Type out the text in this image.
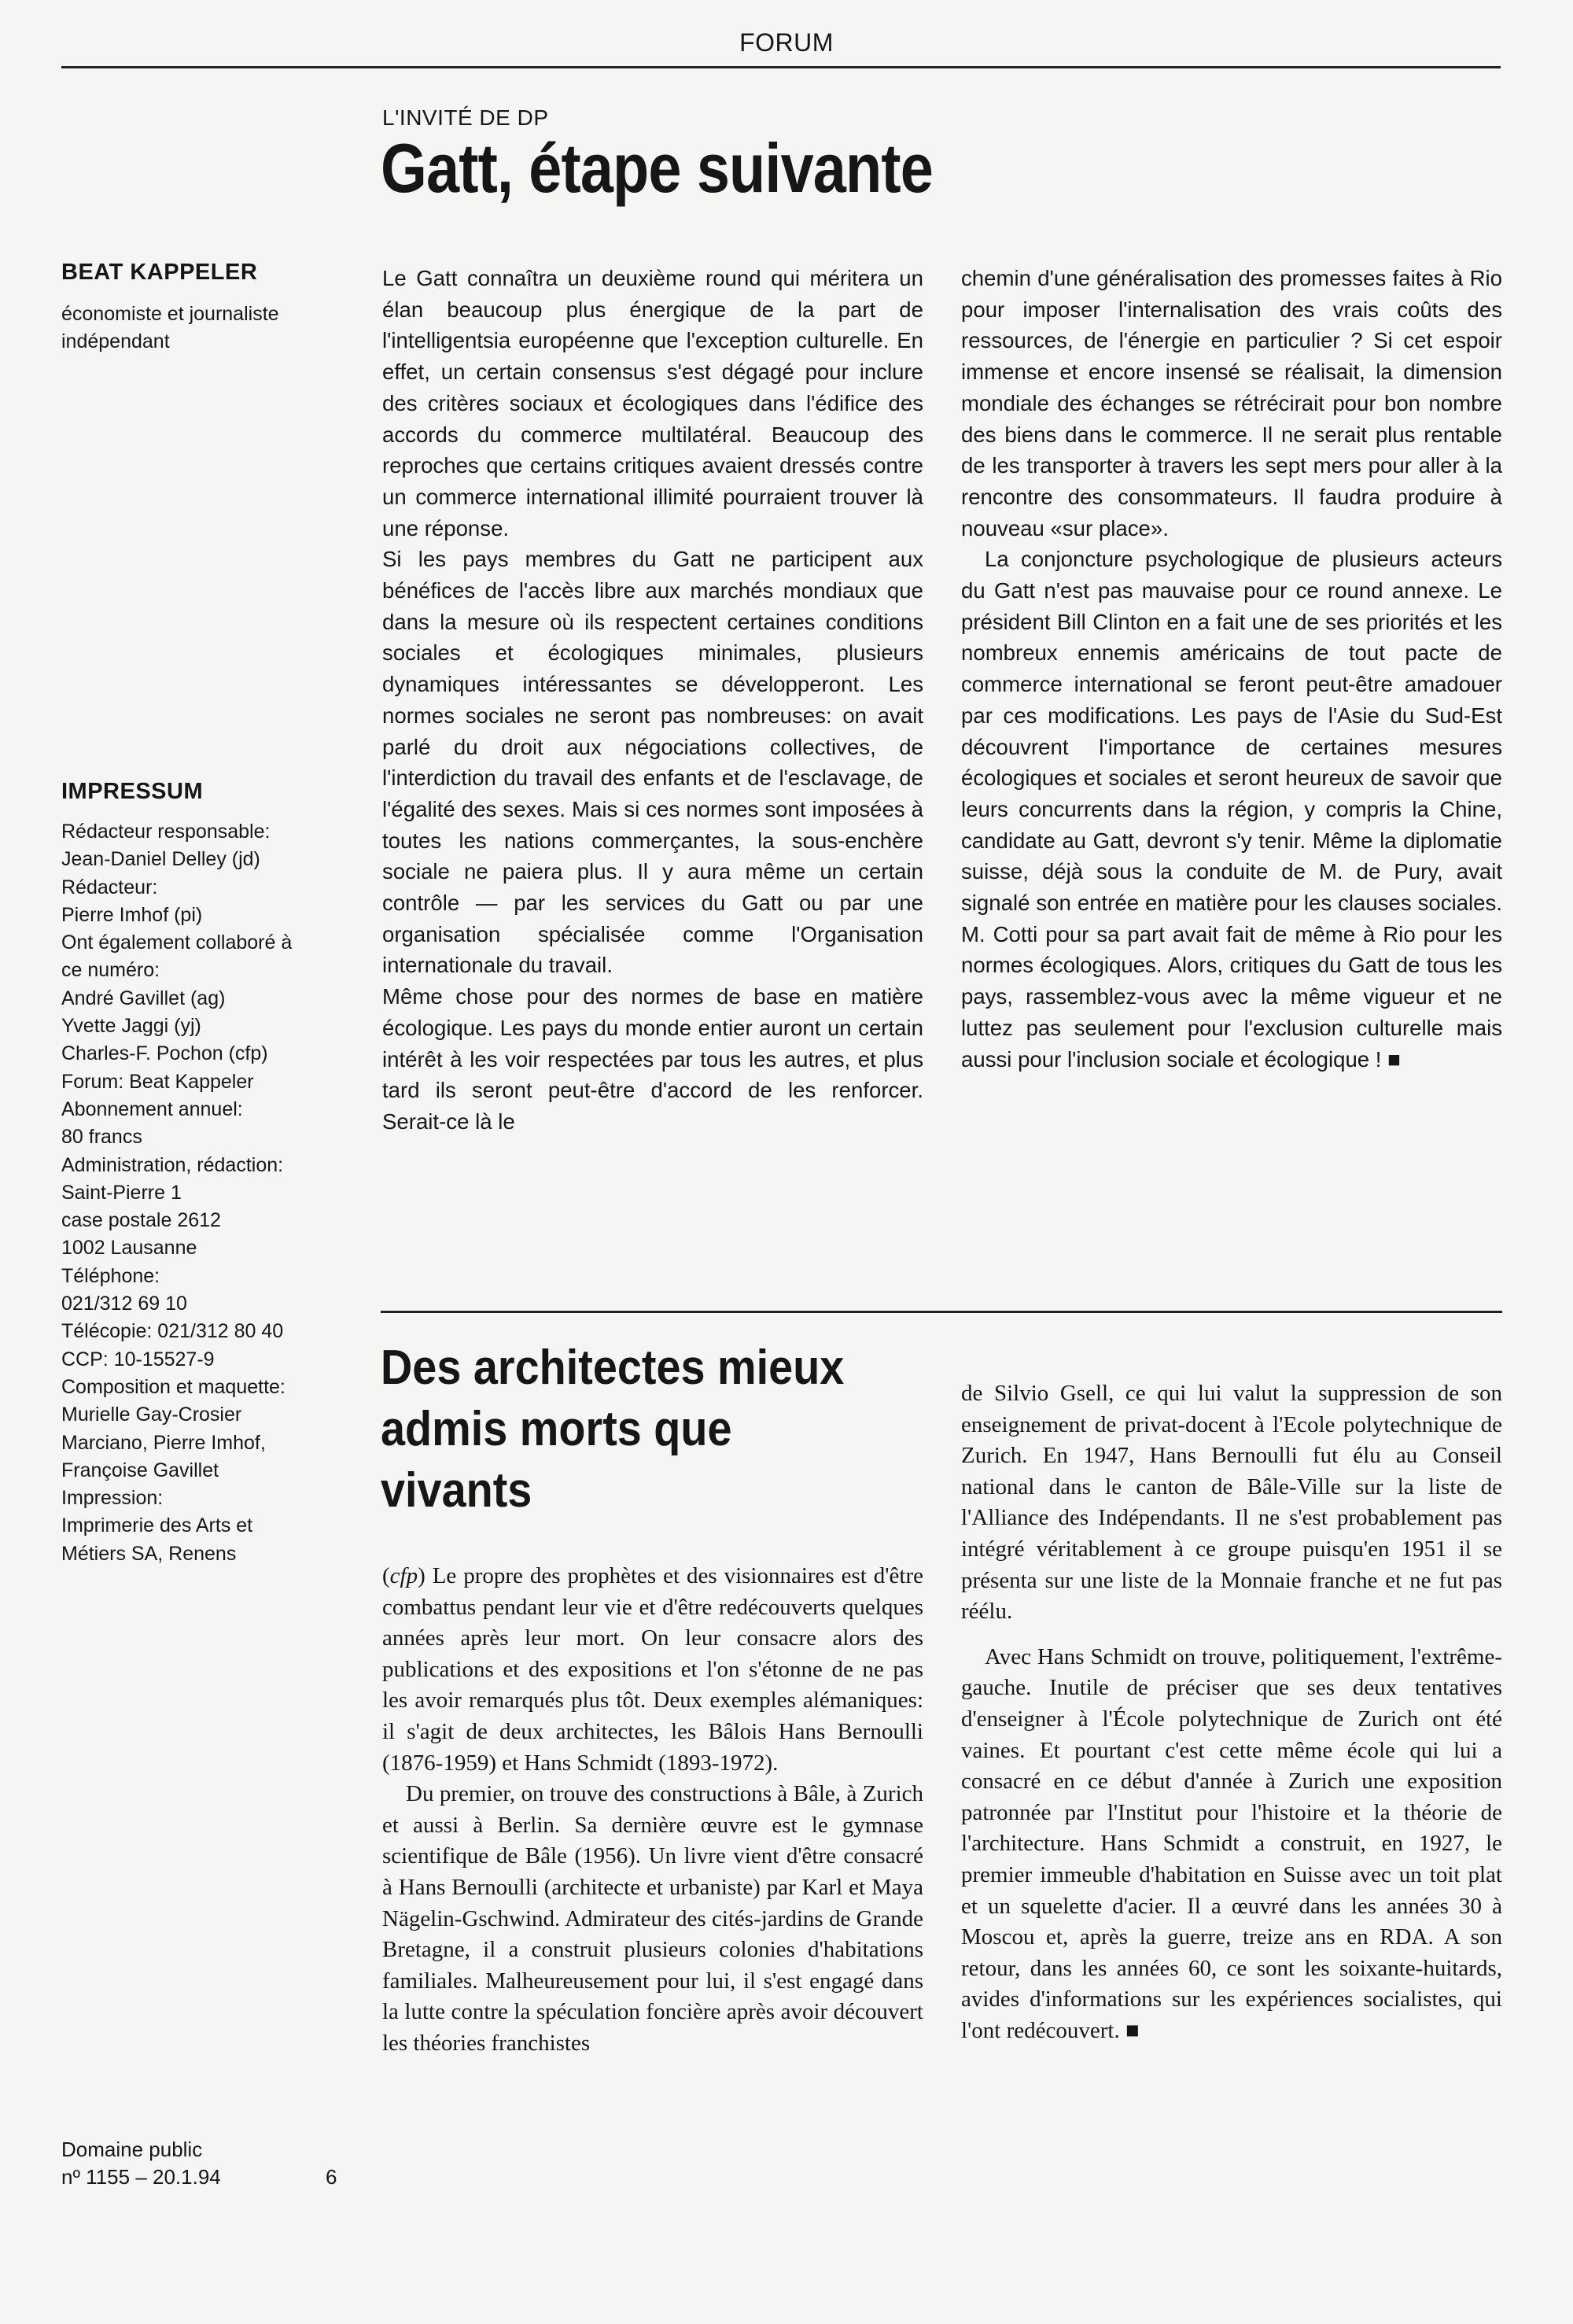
FORUM
L'INVITÉ DE DP
Gatt, étape suivante
BEAT KAPPELER
économiste et journaliste indépendant
IMPRESSUM
Rédacteur responsable:
Jean-Daniel Delley (jd)
Rédacteur:
Pierre Imhof (pi)
Ont également collaboré à
ce numéro:
André Gavillet (ag)
Yvette Jaggi (yj)
Charles-F. Pochon (cfp)
Forum: Beat Kappeler
Abonnement annuel:
80 francs
Administration, rédaction:
Saint-Pierre 1
case postale 2612
1002 Lausanne
Téléphone:
021/312 69 10
Télécopie: 021/312 80 40
CCP: 10-15527-9
Composition et maquette:
Murielle Gay-Crosier
Marciano, Pierre Imhof,
Françoise Gavillet
Impression:
Imprimerie des Arts et
Métiers SA, Renens
Domaine public
nº 1155 – 20.1.94	6

Le Gatt connaîtra un deuxième round qui méritera un élan beaucoup plus énergique de la part de l'intelligentsia européenne que l'exception culturelle. En effet, un certain consensus s'est dégagé pour inclure des critères sociaux et écologiques dans l'édifice des accords du commerce multilatéral. Beaucoup des reproches que certains critiques avaient dressés contre un commerce international illimité pourraient trouver là une réponse.

Si les pays membres du Gatt ne participent aux bénéfices de l'accès libre aux marchés mondiaux que dans la mesure où ils respectent certaines conditions sociales et écologiques minimales, plusieurs dynamiques intéressantes se développeront. Les normes sociales ne seront pas nombreuses: on avait parlé du droit aux négociations collectives, de l'interdiction du travail des enfants et de l'esclavage, de l'égalité des sexes. Mais si ces normes sont imposées à toutes les nations commerçantes, la sous-enchère sociale ne paiera plus. Il y aura même un certain contrôle — par les services du Gatt ou par une organisation spécialisée comme l'Organisation internationale du travail.

Même chose pour des normes de base en matière écologique. Les pays du monde entier auront un certain intérêt à les voir respectées par tous les autres, et plus tard ils seront peut-être d'accord de les renforcer. Serait-ce là le

chemin d'une généralisation des promesses faites à Rio pour imposer l'internalisation des vrais coûts des ressources, de l'énergie en particulier ? Si cet espoir immense et encore insensé se réalisait, la dimension mondiale des échanges se rétrécirait pour bon nombre des biens dans le commerce. Il ne serait plus rentable de les transporter à travers les sept mers pour aller à la rencontre des consommateurs. Il faudra produire à nouveau «sur place».

La conjoncture psychologique de plusieurs acteurs du Gatt n'est pas mauvaise pour ce round annexe. Le président Bill Clinton en a fait une de ses priorités et les nombreux ennemis américains de tout pacte de commerce international se feront peut-être amadouer par ces modifications. Les pays de l'Asie du Sud-Est découvrent l'importance de certaines mesures écologiques et sociales et seront heureux de savoir que leurs concurrents dans la région, y compris la Chine, candidate au Gatt, devront s'y tenir. Même la diplomatie suisse, déjà sous la conduite de M. de Pury, avait signalé son entrée en matière pour les clauses sociales. M. Cotti pour sa part avait fait de même à Rio pour les normes écologiques. Alors, critiques du Gatt de tous les pays, rassemblez-vous avec la même vigueur et ne luttez pas seulement pour l'exclusion culturelle mais aussi pour l'inclusion sociale et écologique ! ■

Des architectes mieux admis morts que vivants

(cfp) Le propre des prophètes et des visionnaires est d'être combattus pendant leur vie et d'être redécouverts quelques années après leur mort. On leur consacre alors des publications et des expositions et l'on s'étonne de ne pas les avoir remarqués plus tôt. Deux exemples alémaniques: il s'agit de deux architectes, les Bâlois Hans Bernoulli (1876-1959) et Hans Schmidt (1893-1972).

Du premier, on trouve des constructions à Bâle, à Zurich et aussi à Berlin. Sa dernière œuvre est le gymnase scientifique de Bâle (1956). Un livre vient d'être consacré à Hans Bernoulli (architecte et urbaniste) par Karl et Maya Nägelin-Gschwind. Admirateur des cités-jardins de Grande Bretagne, il a construit plusieurs colonies d'habitations familiales. Malheureusement pour lui, il s'est engagé dans la lutte contre la spéculation foncière après avoir découvert les théories franchistes

de Silvio Gsell, ce qui lui valut la suppression de son enseignement de privat-docent à l'Ecole polytechnique de Zurich. En 1947, Hans Bernoulli fut élu au Conseil national dans le canton de Bâle-Ville sur la liste de l'Alliance des Indépendants. Il ne s'est probablement pas intégré véritablement à ce groupe puisqu'en 1951 il se présenta sur une liste de la Monnaie franche et ne fut pas réélu.

Avec Hans Schmidt on trouve, politiquement, l'extrême-gauche. Inutile de préciser que ses deux tentatives d'enseigner à l'École polytechnique de Zurich ont été vaines. Et pourtant c'est cette même école qui lui a consacré en ce début d'année à Zurich une exposition patronnée par l'Institut pour l'histoire et la théorie de l'architecture. Hans Schmidt a construit, en 1927, le premier immeuble d'habitation en Suisse avec un toit plat et un squelette d'acier. Il a œuvré dans les années 30 à Moscou et, après la guerre, treize ans en RDA. A son retour, dans les années 60, ce sont les soixante-huitards, avides d'informations sur les expériences socialistes, qui l'ont redécouvert. ■
